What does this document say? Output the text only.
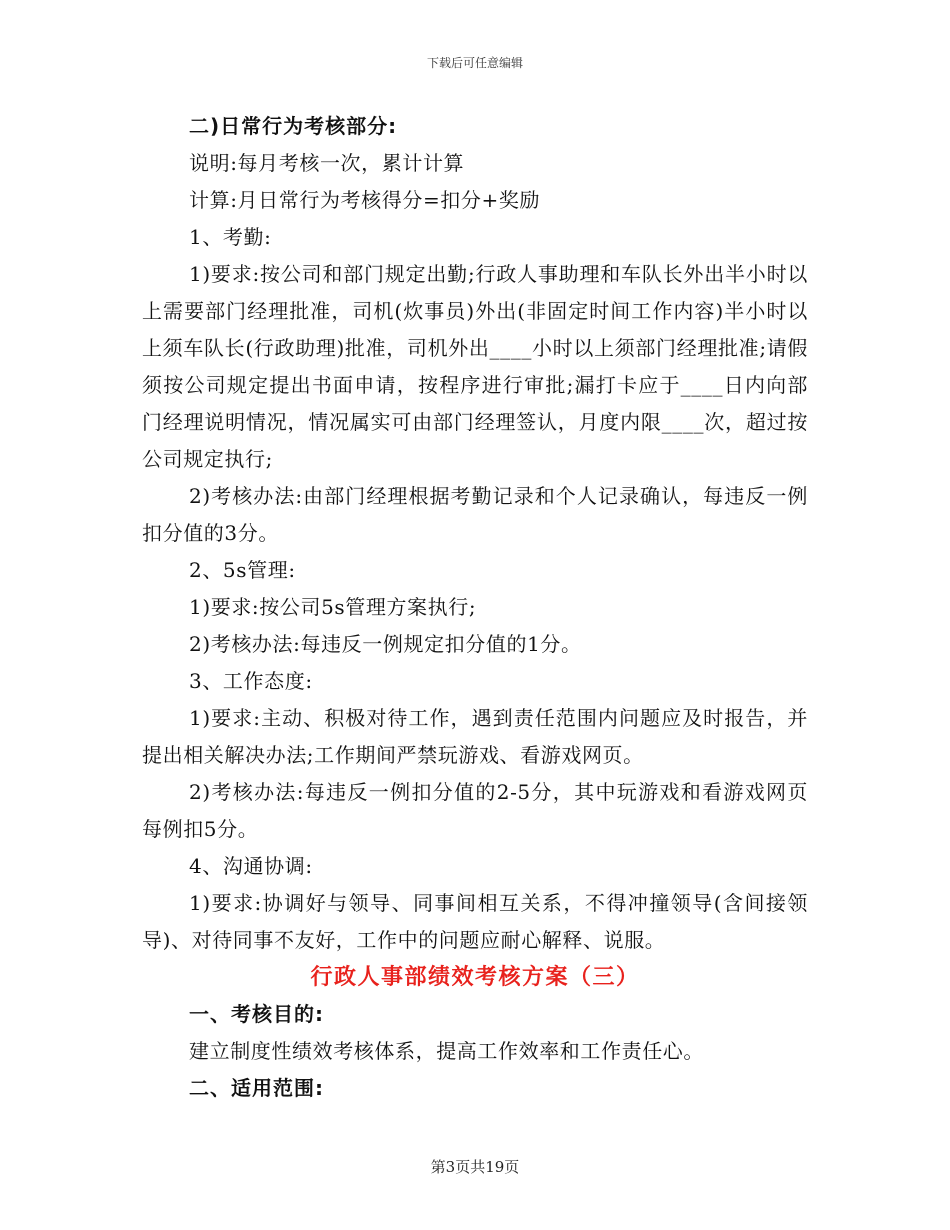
下载后可任意编辑

二)日常行为考核部分:

说明:每月考核一次，累计计算

计算:月日常行为考核得分=扣分+奖励

1、考勤:

1)要求:按公司和部门规定出勤;行政人事助理和车队长外出半小时以上需要部门经理批准，司机(炊事员)外出(非固定时间工作内容)半小时以上须车队长(行政助理)批准，司机外出____小时以上须部门经理批准;请假须按公司规定提出书面申请，按程序进行审批;漏打卡应于____日内向部门经理说明情况，情况属实可由部门经理签认，月度内限____次，超过按公司规定执行;

2)考核办法:由部门经理根据考勤记录和个人记录确认，每违反一例扣分值的3分。

2、5s管理:

1)要求:按公司5s管理方案执行;

2)考核办法:每违反一例规定扣分值的1分。

3、工作态度:

1)要求:主动、积极对待工作，遇到责任范围内问题应及时报告，并提出相关解决办法;工作期间严禁玩游戏、看游戏网页。

2)考核办法:每违反一例扣分值的2-5分，其中玩游戏和看游戏网页每例扣5分。

4、沟通协调:

1)要求:协调好与领导、同事间相互关系，不得冲撞领导(含间接领导)、对待同事不友好，工作中的问题应耐心解释、说服。

行政人事部绩效考核方案（三）

一、考核目的:

建立制度性绩效考核体系，提高工作效率和工作责任心。

二、适用范围:

第3页共19页
